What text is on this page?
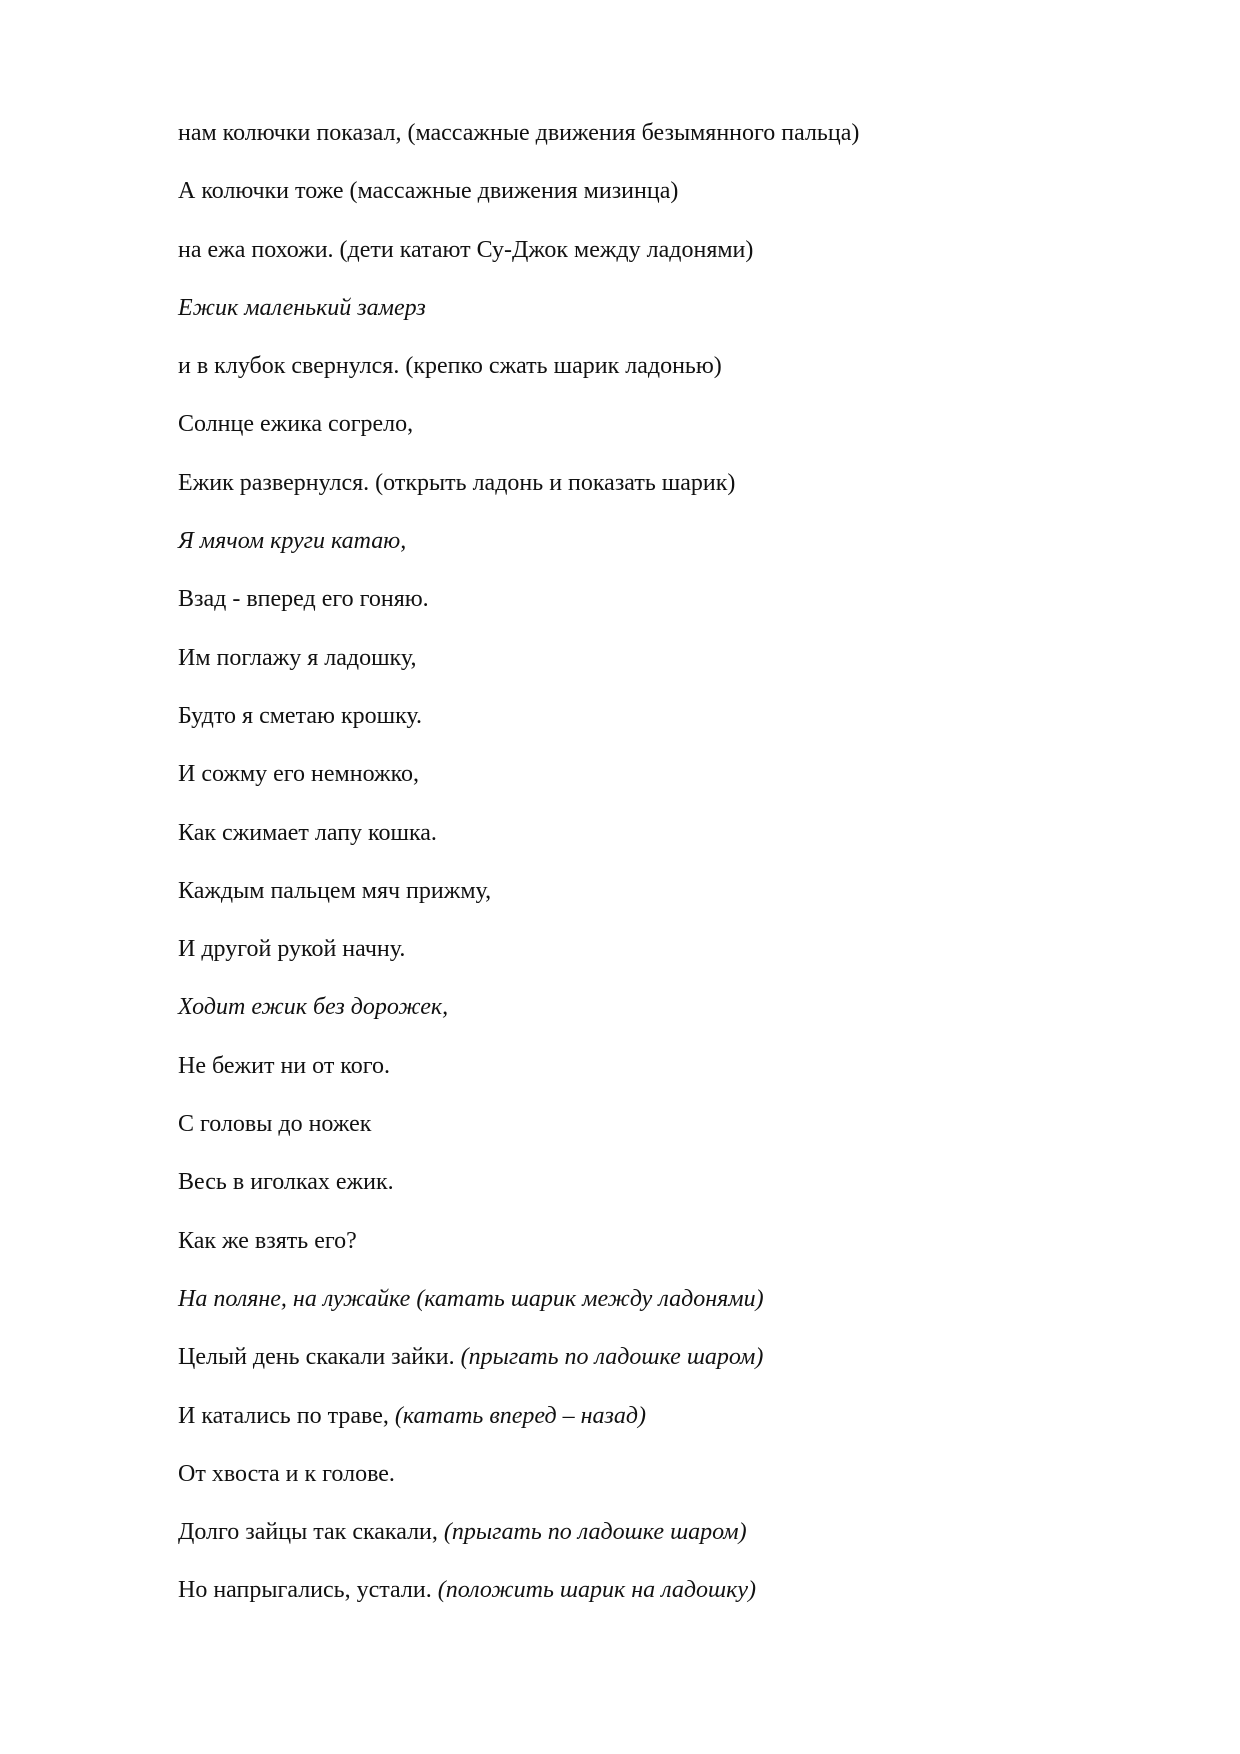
нам колючки показал, (массажные движения безымянного пальца)
А колючки тоже (массажные движения мизинца)
на ежа похожи. (дети катают Су-Джок между ладонями)
Ежик маленький замерз
и в клубок свернулся. (крепко сжать шарик ладонью)
Солнце ежика согрело,
Ежик развернулся. (открыть ладонь и показать шарик)
Я мячом круги катаю,
Взад - вперед его гоняю.
Им поглажу я ладошку,
Будто я сметаю крошку.
И сожму его немножко,
Как сжимает лапу кошка.
Каждым пальцем мяч прижму,
И другой рукой начну.
Ходит ежик без дорожек,
Не бежит ни от кого.
С головы до ножек
Весь в иголках ежик.
Как же взять его?
На поляне, на лужайке (катать шарик между ладонями)
Целый день скакали зайки. (прыгать по ладошке шаром)
И катались по траве, (катать вперед – назад)
От хвоста и к голове.
Долго зайцы так скакали, (прыгать по ладошке шаром)
Но напрыгались, устали. (положить шарик на ладошку)
